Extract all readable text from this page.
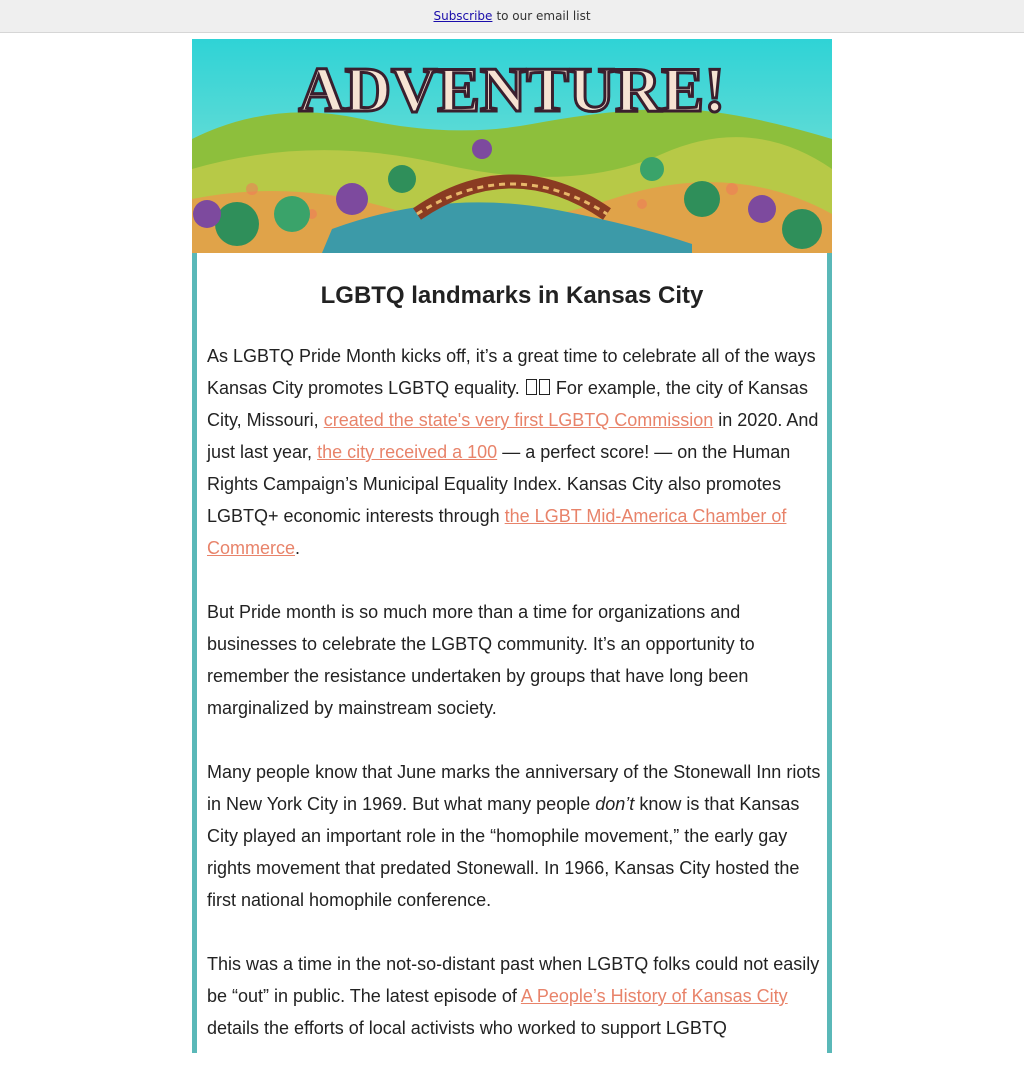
Subscribe to our email list
ADVENTURE!
LGBTQ landmarks in Kansas City

As LGBTQ Pride Month kicks off, it’s a great time to celebrate all of the ways Kansas City promotes LGBTQ equality. For example, the city of Kansas City, Missouri, created the state's very first LGBTQ Commission in 2020. And just last year, the city received a 100 — a perfect score! — on the Human Rights Campaign’s Municipal Equality Index. Kansas City also promotes LGBTQ+ economic interests through the LGBT Mid-America Chamber of Commerce.

But Pride month is so much more than a time for organizations and businesses to celebrate the LGBTQ community. It’s an opportunity to remember the resistance undertaken by groups that have long been marginalized by mainstream society.

Many people know that June marks the anniversary of the Stonewall Inn riots in New York City in 1969. But what many people don’t know is that Kansas City played an important role in the “homophile movement,” the early gay rights movement that predated Stonewall. In 1966, Kansas City hosted the first national homophile conference.

This was a time in the not-so-distant past when LGBTQ folks could not easily be “out” in public. The latest episode of A People’s History of Kansas City details the efforts of local activists who worked to support LGBTQ
